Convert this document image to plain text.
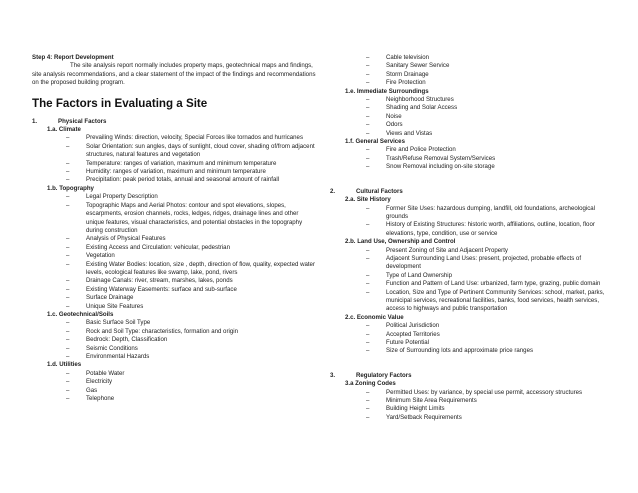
Step 4: Report Development

The site analysis report normally includes property maps, geotechnical maps and findings, site analysis recommendations, and a clear statement of the impact of the findings and recommendations on the proposed building program.

The Factors in Evaluating a Site

1.	Physical Factors

1.a. Climate

–	Prevailing Winds: direction, velocity, Special Forces like tornados and hurricanes
–	Solar Orientation: sun angles, days of sunlight, cloud cover, shading of/from adjacent structures, natural features and vegetation
–	Temperature: ranges of variation, maximum and minimum temperature
–	Humidity: ranges of variation, maximum and minimum temperature
–	Precipitation: peak period totals, annual and seasonal amount of rainfall

1.b. Topography

–	Legal Property Description
–	Topographic Maps and Aerial Photos: contour and spot elevations, slopes, escarpments, erosion channels, rocks, ledges, ridges, drainage lines and other unique features, visual characteristics, and potential obstacles in the topography during construction
–	Analysis of Physical Features
–	Existing Access and Circulation: vehicular, pedestrian
–	Vegetation
–	Existing Water Bodies: location, size , depth, direction of flow, quality, expected water levels, ecological features like swamp, lake, pond, rivers
–	Drainage Canals: river, stream, marshes, lakes, ponds
–	Existing Waterway Easements: surface and sub-surface
–	Surface Drainage
–	Unique Site Features

1.c. Geotechnical/Soils

–	Basic Surface Soil Type
–	Rock and Soil Type: characteristics, formation and origin
–	Bedrock: Depth, Classification
–	Seismic Conditions
–	Environmental Hazards

1.d. Utilities

–	Potable Water
–	Electricity
–	Gas
–	Telephone
–	Cable television
–	Sanitary Sewer Service
–	Storm Drainage
–	Fire Protection

1.e. Immediate Surroundings

–	Neighborhood Structures
–	Shading and Solar Access
–	Noise
–	Odors
–	Views and Vistas

1.f. General Services

–	Fire and Police Protection
–	Trash/Refuse Removal System/Services
–	Snow Removal including on-site storage
2.	Cultural Factors

2.a. Site History

–	Former Site Uses: hazardous dumping, landfill, old foundations, archeological grounds
–	History of Existing Structures: historic worth, affiliations, outline, location, floor elevations, type, condition, use or service

2.b. Land Use, Ownership and Control

–	Present Zoning of Site and Adjacent Property
–	Adjacent Surrounding Land Uses: present, projected, probable effects of development
–	Type of Land Ownership
–	Function and Pattern of Land Use: urbanized, farm type, grazing, public domain
–	Location, Size and Type of Pertinent Community Services: school, market, parks, municipal services, recreational facilities, banks, food services, health services, access to highways and public transportation

2.c. Economic Value

–	Political Jurisdiction
–	Accepted Territories
–	Future Potential
–	Size of Surrounding lots and approximate price ranges
3.	Regulatory Factors

3.a Zoning Codes

–	Permitted Uses: by variance, by special use permit, accessory structures
–	Minimum Site Area Requirements
–	Building Height Limits
–	Yard/Setback Requirements
